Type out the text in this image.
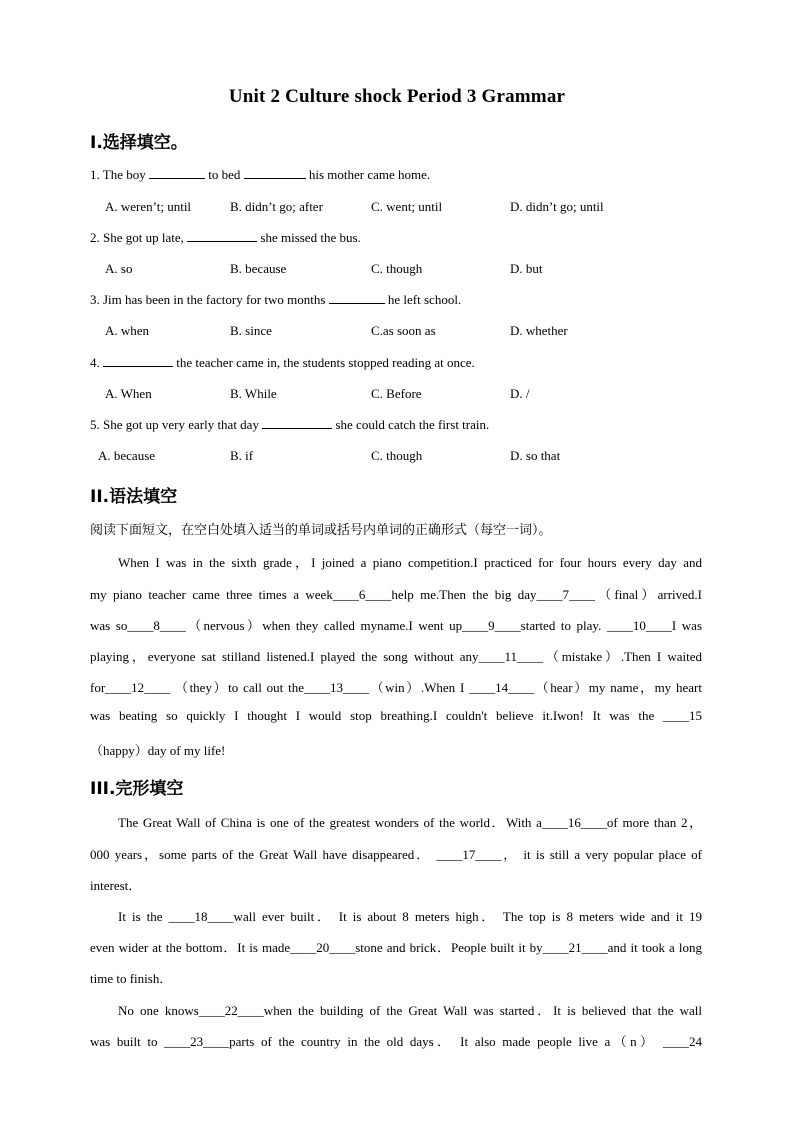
Unit 2 Culture shock Period 3 Grammar
I.选择填空。
1. The boy	to bed	his mother came home.
A. weren’t; until	B. didn’t go; after	C. went; until	D. didn’t go; until
2. She got up late,	she missed the bus.
A. so	B. because	C. though	D. but
3. Jim has been in the factory for two months	he left school.
A. when	B. since	C.as soon as	D. whether
4.	the teacher came in, the students stopped reading at once.
A. When	B. While	C. Before	D. /
5. She got up very early that day	she could catch the first train.
A. because	B. if	C. though	D. so that
II.语法填空
阅读下面短文，在空白处填入适当的单词或括号内单词的正确形式（每空一词）。
When I was in the sixth grade，I joined a piano competition.I practiced for four hours every day and
my piano teacher came three times a week____6____help me.Then the big day____7____（final）arrived.I
was so____8____（nervous）when they called myname.I went up____9____started to play. ____10____I was
playing，everyone sat stilland listened.I played the song without any____11____（mistake）.Then I waited
for____12____ （they）to call out the____13____（win）.When I ____14____（hear）my name，my heart
was beating so quickly I thought I would stop breathing.I couldn't believe it.Iwon! It was the ____15
（happy）day of my life!
III.完形填空
The Great Wall of China is one of the greatest wonders of the world．With a____16____of more than 2，
000 years，some parts of the Great Wall have disappeared． ____17____， it is still a very popular place of
interest．
It is the ____18____wall ever built． It is about 8 meters high． The top is 8 meters wide and it 19
even wider at the bottom．It is made____20____stone and brick．People built it by____21____and it took a long
time to finish．
No one knows____22____when the building of the Great Wall was started．It is believed that the wall
was built to ____23____parts of the country in the old days． It also made people live a（n） ____24
